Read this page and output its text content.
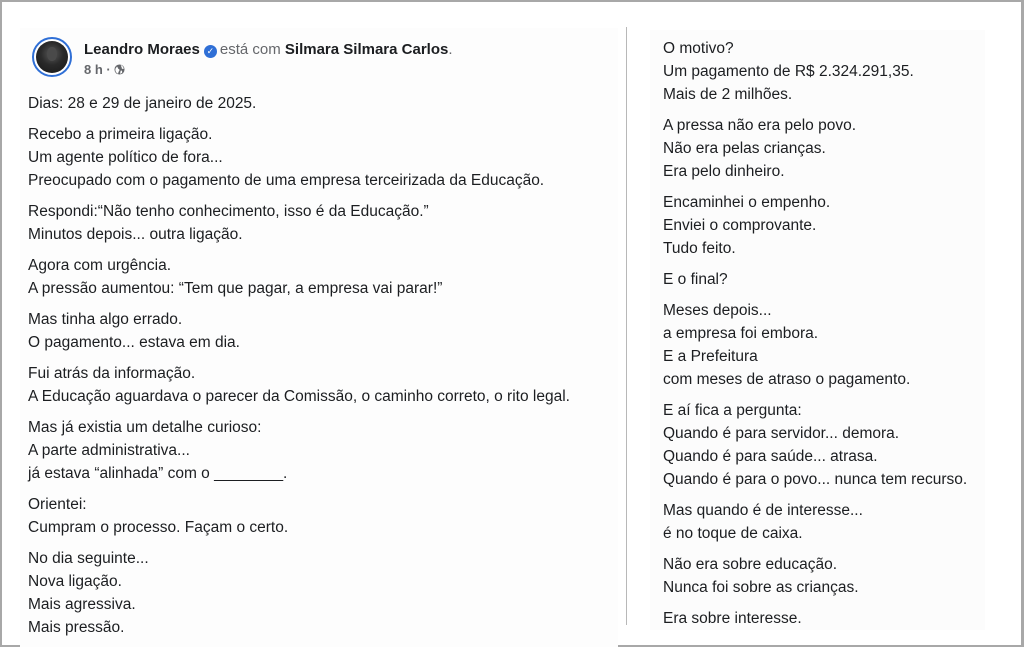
Leandro Moraes ✓ está com Silmara Silmara Carlos.
8 h ·
Dias: 28 e 29 de janeiro de 2025.
Recebo a primeira ligação.
Um agente político de fora...
Preocupado com o pagamento de uma empresa terceirizada da Educação.
Respondi:“Não tenho conhecimento, isso é da Educação.”
Minutos depois... outra ligação.
Agora com urgência.
A pressão aumentou: “Tem que pagar, a empresa vai parar!”
Mas tinha algo errado.
O pagamento... estava em dia.
Fui atrás da informação.
A Educação aguardava o parecer da Comissão, o caminho correto, o rito legal.
Mas já existia um detalhe curioso:
A parte administrativa...
já estava “alinhada” com o ________.
Orientei:
Cumpram o processo. Façam o certo.
No dia seguinte...
Nova ligação.
Mais agressiva.
Mais pressão.
O motivo?
Um pagamento de R$ 2.324.291,35.
Mais de 2 milhões.
A pressa não era pelo povo.
Não era pelas crianças.
Era pelo dinheiro.
Encaminhei o empenho.
Enviei o comprovante.
Tudo feito.
E o final?
Meses depois...
a empresa foi embora.
E a Prefeitura
com meses de atraso o pagamento.
E aí fica a pergunta:
Quando é para servidor... demora.
Quando é para saúde... atrasa.
Quando é para o povo... nunca tem recurso.
Mas quando é de interesse...
é no toque de caixa.
Não era sobre educação.
Nunca foi sobre as crianças.
Era sobre interesse.
